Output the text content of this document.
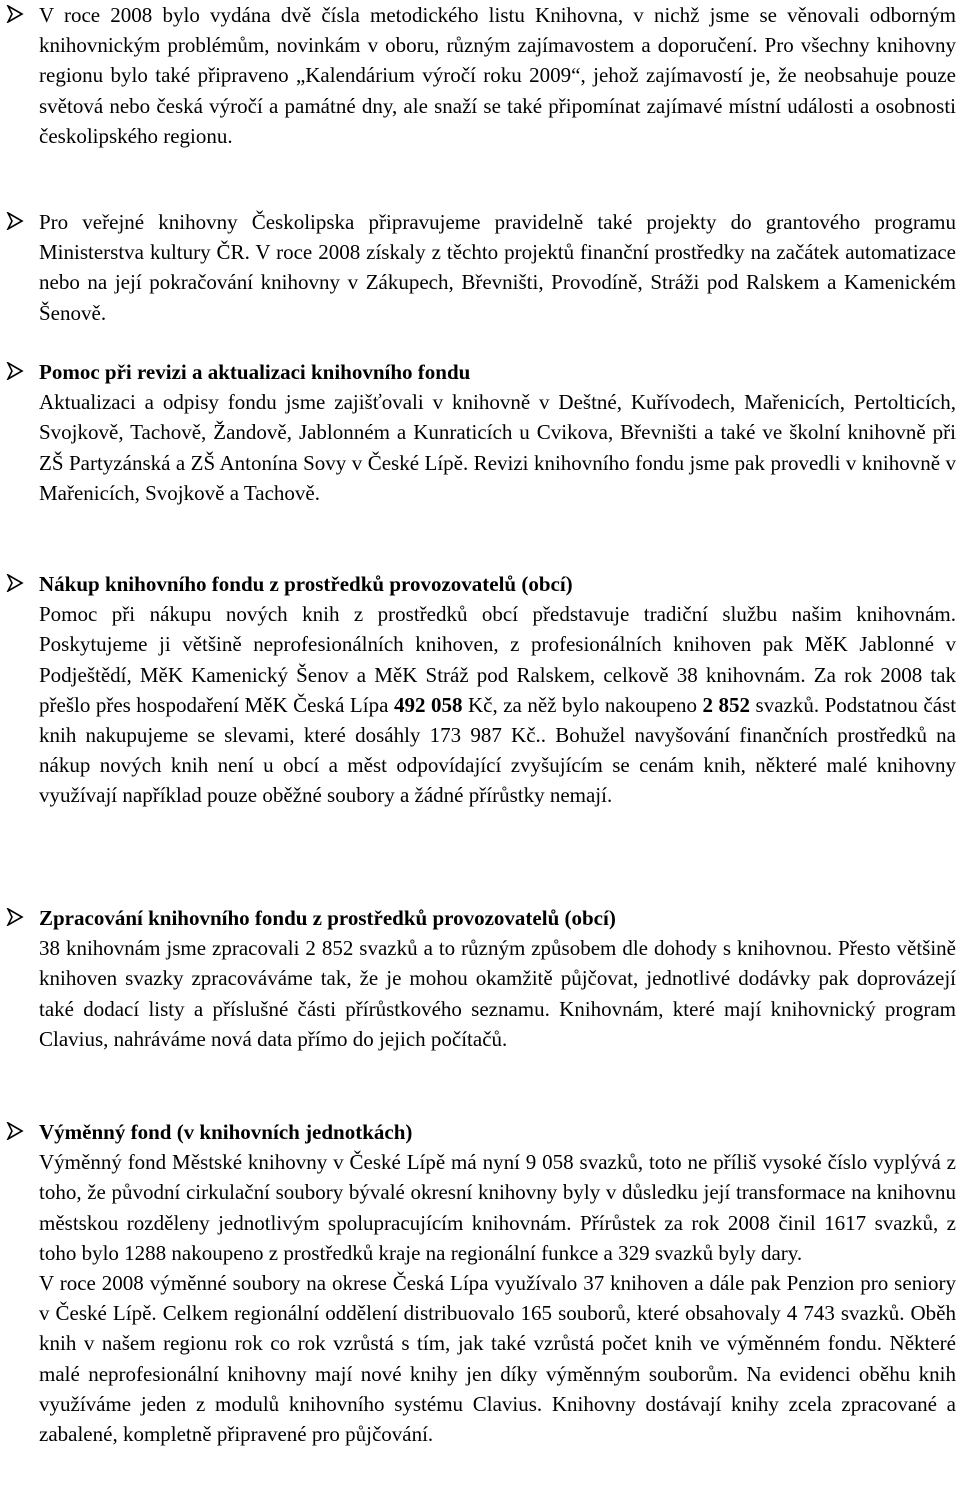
V roce 2008 bylo vydána dvě čísla metodického listu Knihovna, v nichž jsme se věnovali odborným knihovnickým problémům, novinkám v oboru, různým zajímavostem a doporučení. Pro všechny knihovny regionu bylo také připraveno „Kalendárium výročí roku 2009“, jehož zajímavostí je, že neobsahuje pouze světová nebo česká výročí a památné dny, ale snaží se také připomínat zajímavé místní události a osobnosti českolipského regionu.
Pro veřejné knihovny Českolipska připravujeme pravidelně také projekty do grantového programu Ministerstva kultury ČR. V roce 2008 získaly z těchto projektů finanční prostředky na začátek automatizace nebo na její pokračování knihovny v Zákupech, Břevništi, Provodíně, Stráži pod Ralskem a Kamenickém Šenově.
Pomoc při revizi a aktualizaci knihovního fondu
Aktualizaci a odpisy fondu jsme zajišťovali v knihovně v Deštné, Kuřívodech, Mařenicích, Pertolticích, Svojkově, Tachově, Žandově, Jablonném a Kunraticích u Cvikova, Břevništi a také ve školní knihovně při ZŠ Partyzánská a ZŠ Antonína Sovy v České Lípě. Revizi knihovního fondu jsme pak provedli v knihovně v Mařenicích, Svojkově a Tachově.
Nákup knihovního fondu z prostředků provozovatelů (obcí)
Pomoc při nákupu nových knih z prostředků obcí představuje tradiční službu našim knihovnám. Poskytujeme ji většině neprofesionálních knihoven, z profesionálních knihoven pak MěK Jablonné v Podještědí, MěK Kamenický Šenov a MěK Stráž pod Ralskem, celkově 38 knihovnám. Za rok 2008 tak přešlo přes hospodaření MěK Česká Lípa 492 058 Kč, za něž bylo nakoupeno 2 852 svazků. Podstatnou část knih nakupujeme se slevami, které dosáhly 173 987 Kč.. Bohužel navyšování finančních prostředků na nákup nových knih není u obcí a měst odpovídající zvyšujícím se cenám knih, některé malé knihovny využívají například pouze oběžné soubory a žádné přírůstky nemají.
Zpracování knihovního fondu z prostředků provozovatelů (obcí)
38 knihovnám jsme zpracovali 2 852 svazků a to různým způsobem dle dohody s knihovnou. Přesto většině knihoven svazky zpracováváme tak, že je mohou okamžitě půjčovat, jednotlivé dodávky pak doprovázejí také dodací listy a příslušné části přírůstkového seznamu. Knihovnám, které mají knihovnický program Clavius, nahráváme nová data přímo do jejich počítačů.
Výměnný fond (v knihovních jednotkách)
Výměnný fond Městské knihovny v České Lípě má nyní 9 058 svazků, toto ne příliš vysoké číslo vyplývá z toho, že původní cirkulační soubory bývalé okresní knihovny byly v důsledku její transformace na knihovnu městskou rozděleny jednotlivým spolupracujícím knihovnám. Přírůstek za rok 2008 činil 1617 svazků, z toho bylo 1288 nakoupeno z prostředků kraje na regionální funkce a 329 svazků byly dary.
V roce 2008 výměnné soubory na okrese Česká Lípa využívalo 37 knihoven a dále pak Penzion pro seniory v České Lípě. Celkem regionální oddělení distribuovalo 165 souborů, které obsahovaly 4 743 svazků. Oběh knih v našem regionu rok co rok vzrůstá s tím, jak také vzrůstá počet knih ve výměnném fondu. Některé malé neprofesionální knihovny mají nové knihy jen díky výměnným souborům. Na evidenci oběhu knih využíváme jeden z modulů knihovního systému Clavius. Knihovny dostávají knihy zcela zpracované a zabalené, kompletně připravené pro půjčování.
